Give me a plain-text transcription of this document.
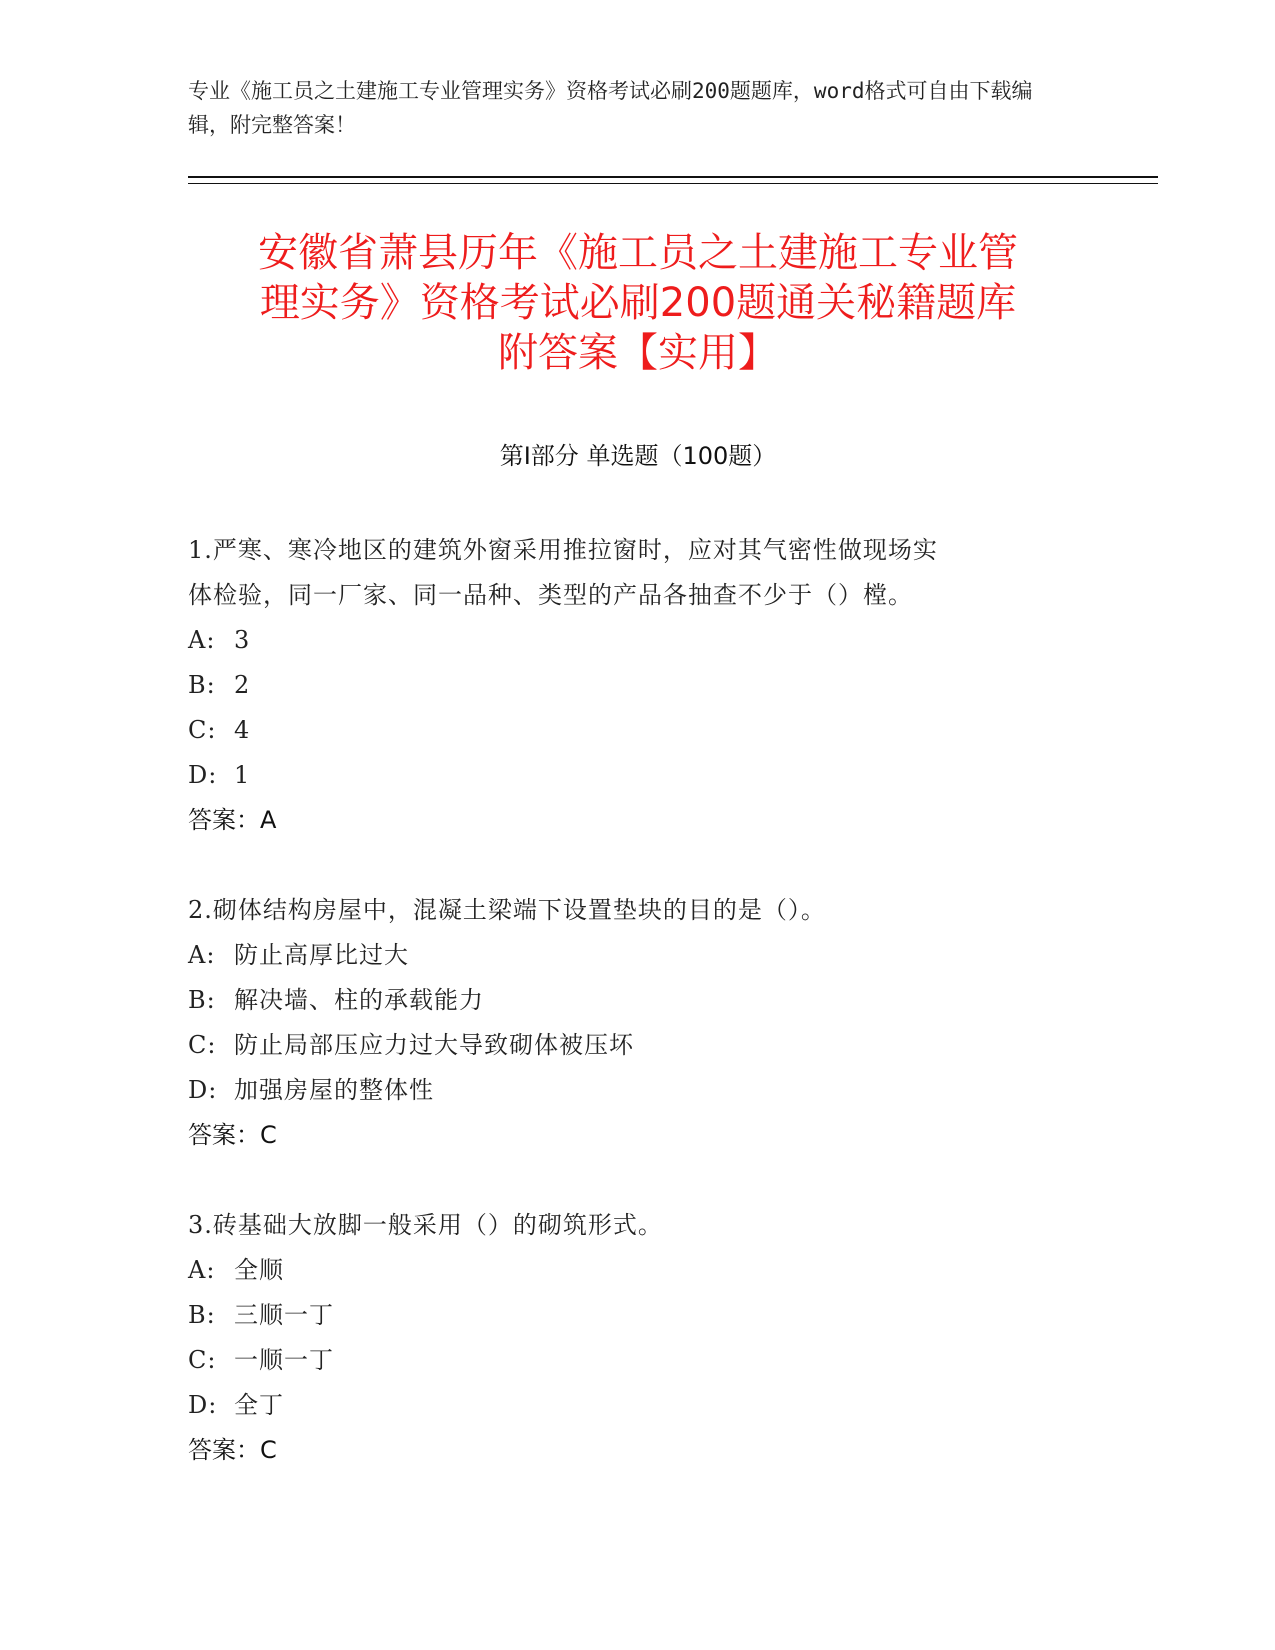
专业《施工员之土建施工专业管理实务》资格考试必刷200题题库，word格式可自由下载编辑，附完整答案！
安徽省萧县历年《施工员之土建施工专业管
理实务》资格考试必刷200题通关秘籍题库
附答案【实用】
第Ⅰ部分 单选题（100题）

1.严寒、寒冷地区的建筑外窗采用推拉窗时，应对其气密性做现场实

体检验，同一厂家、同一品种、类型的产品各抽查不少于（）樘。

A: 3

B: 2

C: 4

D: 1

答案：A

2.砌体结构房屋中，混凝土梁端下设置垫块的目的是（）。

A: 防止高厚比过大

B: 解决墙、柱的承载能力

C: 防止局部压应力过大导致砌体被压坏

D: 加强房屋的整体性

答案：C

3.砖基础大放脚一般采用（）的砌筑形式。

A: 全顺

B: 三顺一丁

C: 一顺一丁

D: 全丁

答案：C
